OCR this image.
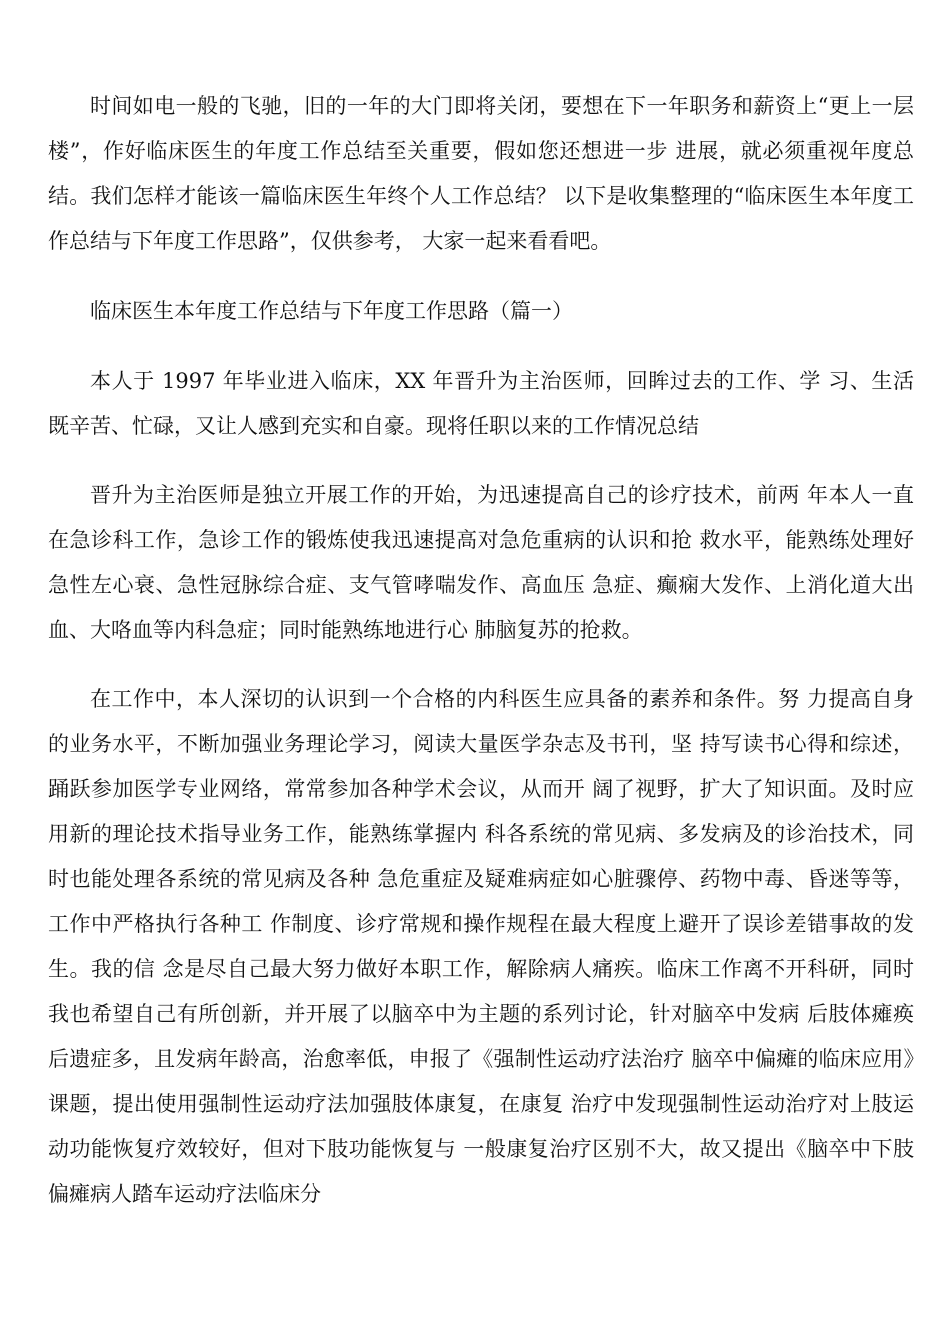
时间如电一般的飞驰，旧的一年的大门即将关闭，要想在下一年职务和薪资上“更上一层楼”，作好临床医生的年度工作总结至关重要，假如您还想进一步 进展，就必须重视年度总结。我们怎样才能该一篇临床医生年终个人工作总结？ 以下是收集整理的“临床医生本年度工作总结与下年度工作思路”，仅供参考， 大家一起来看看吧。

临床医生本年度工作总结与下年度工作思路（篇一）

本人于 1997 年毕业进入临床，XX 年晋升为主治医师，回眸过去的工作、学 习、生活既辛苦、忙碌，又让人感到充实和自豪。现将任职以来的工作情况总结

晋升为主治医师是独立开展工作的开始，为迅速提高自己的诊疗技术，前两 年本人一直在急诊科工作，急诊工作的锻炼使我迅速提高对急危重病的认识和抢 救水平，能熟练处理好急性左心衰、急性冠脉综合症、支气管哮喘发作、高血压 急症、癫痫大发作、上消化道大出血、大咯血等内科急症；同时能熟练地进行心 肺脑复苏的抢救。

在工作中，本人深切的认识到一个合格的内科医生应具备的素养和条件。努 力提高自身的业务水平，不断加强业务理论学习，阅读大量医学杂志及书刊，坚 持写读书心得和综述，踊跃参加医学专业网络，常常参加各种学术会议，从而开 阔了视野，扩大了知识面。及时应用新的理论技术指导业务工作，能熟练掌握内 科各系统的常见病、多发病及的诊治技术，同时也能处理各系统的常见病及各种 急危重症及疑难病症如心脏骤停、药物中毒、昏迷等等，工作中严格执行各种工 作制度、诊疗常规和操作规程在最大程度上避开了误诊差错事故的发生。我的信 念是尽自己最大努力做好本职工作，解除病人痛疾。临床工作离不开科研，同时 我也希望自己有所创新，并开展了以脑卒中为主题的系列讨论，针对脑卒中发病 后肢体瘫痪后遗症多，且发病年龄高，治愈率低，申报了《强制性运动疗法治疗 脑卒中偏瘫的临床应用》课题，提出使用强制性运动疗法加强肢体康复，在康复 治疗中发现强制性运动治疗对上肢运动功能恢复疗效较好，但对下肢功能恢复与 一般康复治疗区别不大，故又提出《脑卒中下肢偏瘫病人踏车运动疗法临床分
